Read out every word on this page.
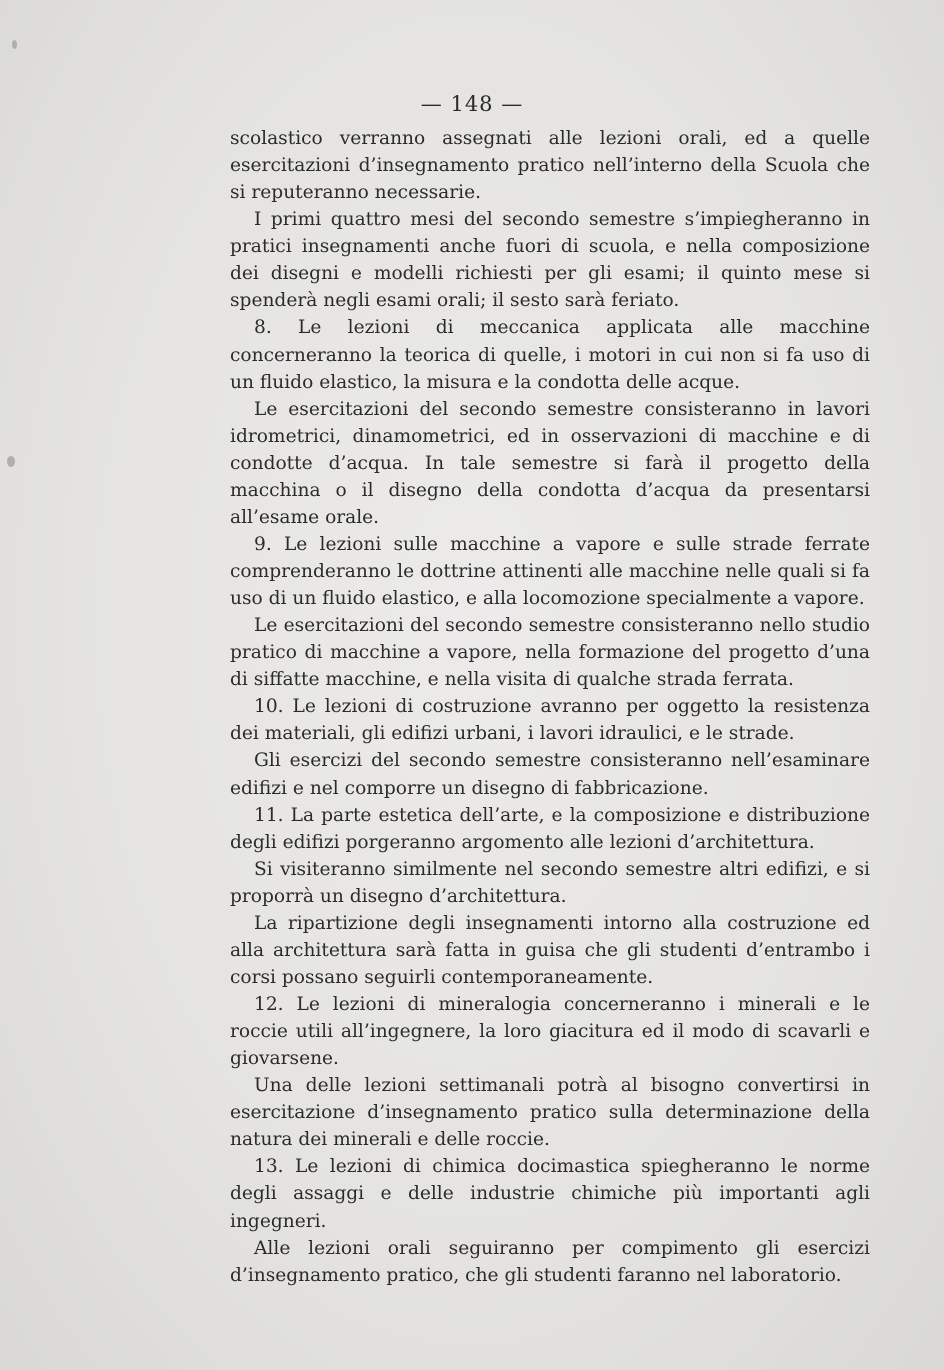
— 148 —

scolastico verranno assegnati alle lezioni orali, ed a quelle esercitazioni d’insegnamento pratico nell’interno della Scuola che si reputeranno necessarie.

I primi quattro mesi del secondo semestre s’impiegheranno in pratici insegnamenti anche fuori di scuola, e nella composizione dei disegni e modelli richiesti per gli esami; il quinto mese si spenderà negli esami orali; il sesto sarà feriato.

8. Le lezioni di meccanica applicata alle macchine concerneranno la teorica di quelle, i motori in cui non si fa uso di un fluido elastico, la misura e la condotta delle acque.

Le esercitazioni del secondo semestre consisteranno in lavori idrometrici, dinamometrici, ed in osservazioni di macchine e di condotte d’acqua. In tale semestre si farà il progetto della macchina o il disegno della condotta d’acqua da presentarsi all’esame orale.

9. Le lezioni sulle macchine a vapore e sulle strade ferrate comprenderanno le dottrine attinenti alle macchine nelle quali si fa uso di un fluido elastico, e alla locomozione specialmente a vapore.

Le esercitazioni del secondo semestre consisteranno nello studio pratico di macchine a vapore, nella formazione del progetto d’una di siffatte macchine, e nella visita di qualche strada ferrata.

10. Le lezioni di costruzione avranno per oggetto la resistenza dei materiali, gli edifizi urbani, i lavori idraulici, e le strade.

Gli esercizi del secondo semestre consisteranno nell’esaminare edifizi e nel comporre un disegno di fabbricazione.

11. La parte estetica dell’arte, e la composizione e distribuzione degli edifizi porgeranno argomento alle lezioni d’architettura.

Si visiteranno similmente nel secondo semestre altri edifizi, e si proporrà un disegno d’architettura.

La ripartizione degli insegnamenti intorno alla costruzione ed alla architettura sarà fatta in guisa che gli studenti d’entrambo i corsi possano seguirli contemporaneamente.

12. Le lezioni di mineralogia concerneranno i minerali e le roccie utili all’ingegnere, la loro giacitura ed il modo di scavarli e giovarsene.

Una delle lezioni settimanali potrà al bisogno convertirsi in esercitazione d’insegnamento pratico sulla determinazione della natura dei minerali e delle roccie.

13. Le lezioni di chimica docimastica spiegheranno le norme degli assaggi e delle industrie chimiche più importanti agli ingegneri.

Alle lezioni orali seguiranno per compimento gli esercizi d’insegnamento pratico, che gli studenti faranno nel laboratorio.
